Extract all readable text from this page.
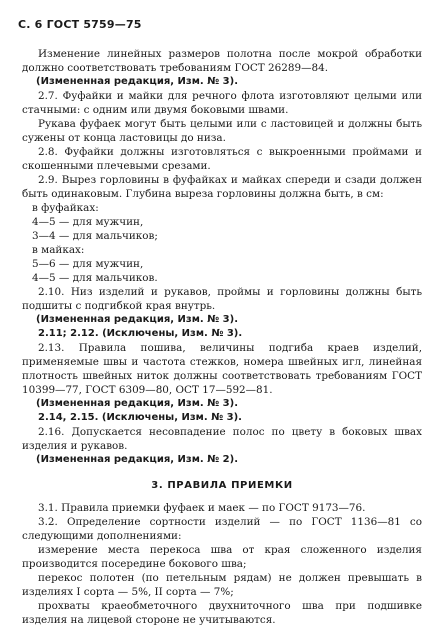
С. 6 ГОСТ 5759—75

Изменение линейных размеров полотна после мокрой обработки должно соответствовать требованиям ГОСТ 26289—84.

(Измененная редакция, Изм. № 3).

2.7. Фуфайки и майки для речного флота изготовляют целыми или стачными: с одним или двумя боковыми швами.

Рукава фуфаек могут быть целыми или с ластовицей и должны быть сужены от конца ластовицы до низа.

2.8. Фуфайки должны изготовляться с выкроенными проймами и скошенными плечевыми срезами.

2.9. Вырез горловины в фуфайках и майках спереди и сзади должен быть одинаковым. Глубина выреза горловины должна быть, в см:

в фуфайках:

4—5 — для мужчин,

3—4 — для мальчиков;

в майках:

5—6 — для мужчин,

4—5 — для мальчиков.

2.10. Низ изделий и рукавов, проймы и горловины должны быть подшиты с подгибкой края внутрь.

(Измененная редакция, Изм. № 3).

2.11; 2.12. (Исключены, Изм. № 3).

2.13. Правила пошива, величины подгиба краев изделий, применяемые швы и частота стежков, номера швейных игл, линейная плотность швейных ниток должны соответствовать требованиям ГОСТ 10399—77, ГОСТ 6309—80, ОСТ 17—592—81.

(Измененная редакция, Изм. № 3).

2.14, 2.15. (Исключены, Изм. № 3).

2.16. Допускается несовпадение полос по цвету в боковых швах изделия и рукавов.

(Измененная редакция, Изм. № 2).

3. ПРАВИЛА ПРИЕМКИ

3.1. Правила приемки фуфаек и маек — по ГОСТ 9173—76.

3.2. Определение сортности изделий — по ГОСТ 1136—81 со следующими дополнениями:

измерение места перекоса шва от края сложенного изделия производится посередине бокового шва;

перекос полотен (по петельным рядам) не должен превышать в изделиях I сорта — 5%, II сорта — 7%;

прохваты краеобметочного двухниточного шва при подшивке изделия на лицевой стороне не учитываются.
